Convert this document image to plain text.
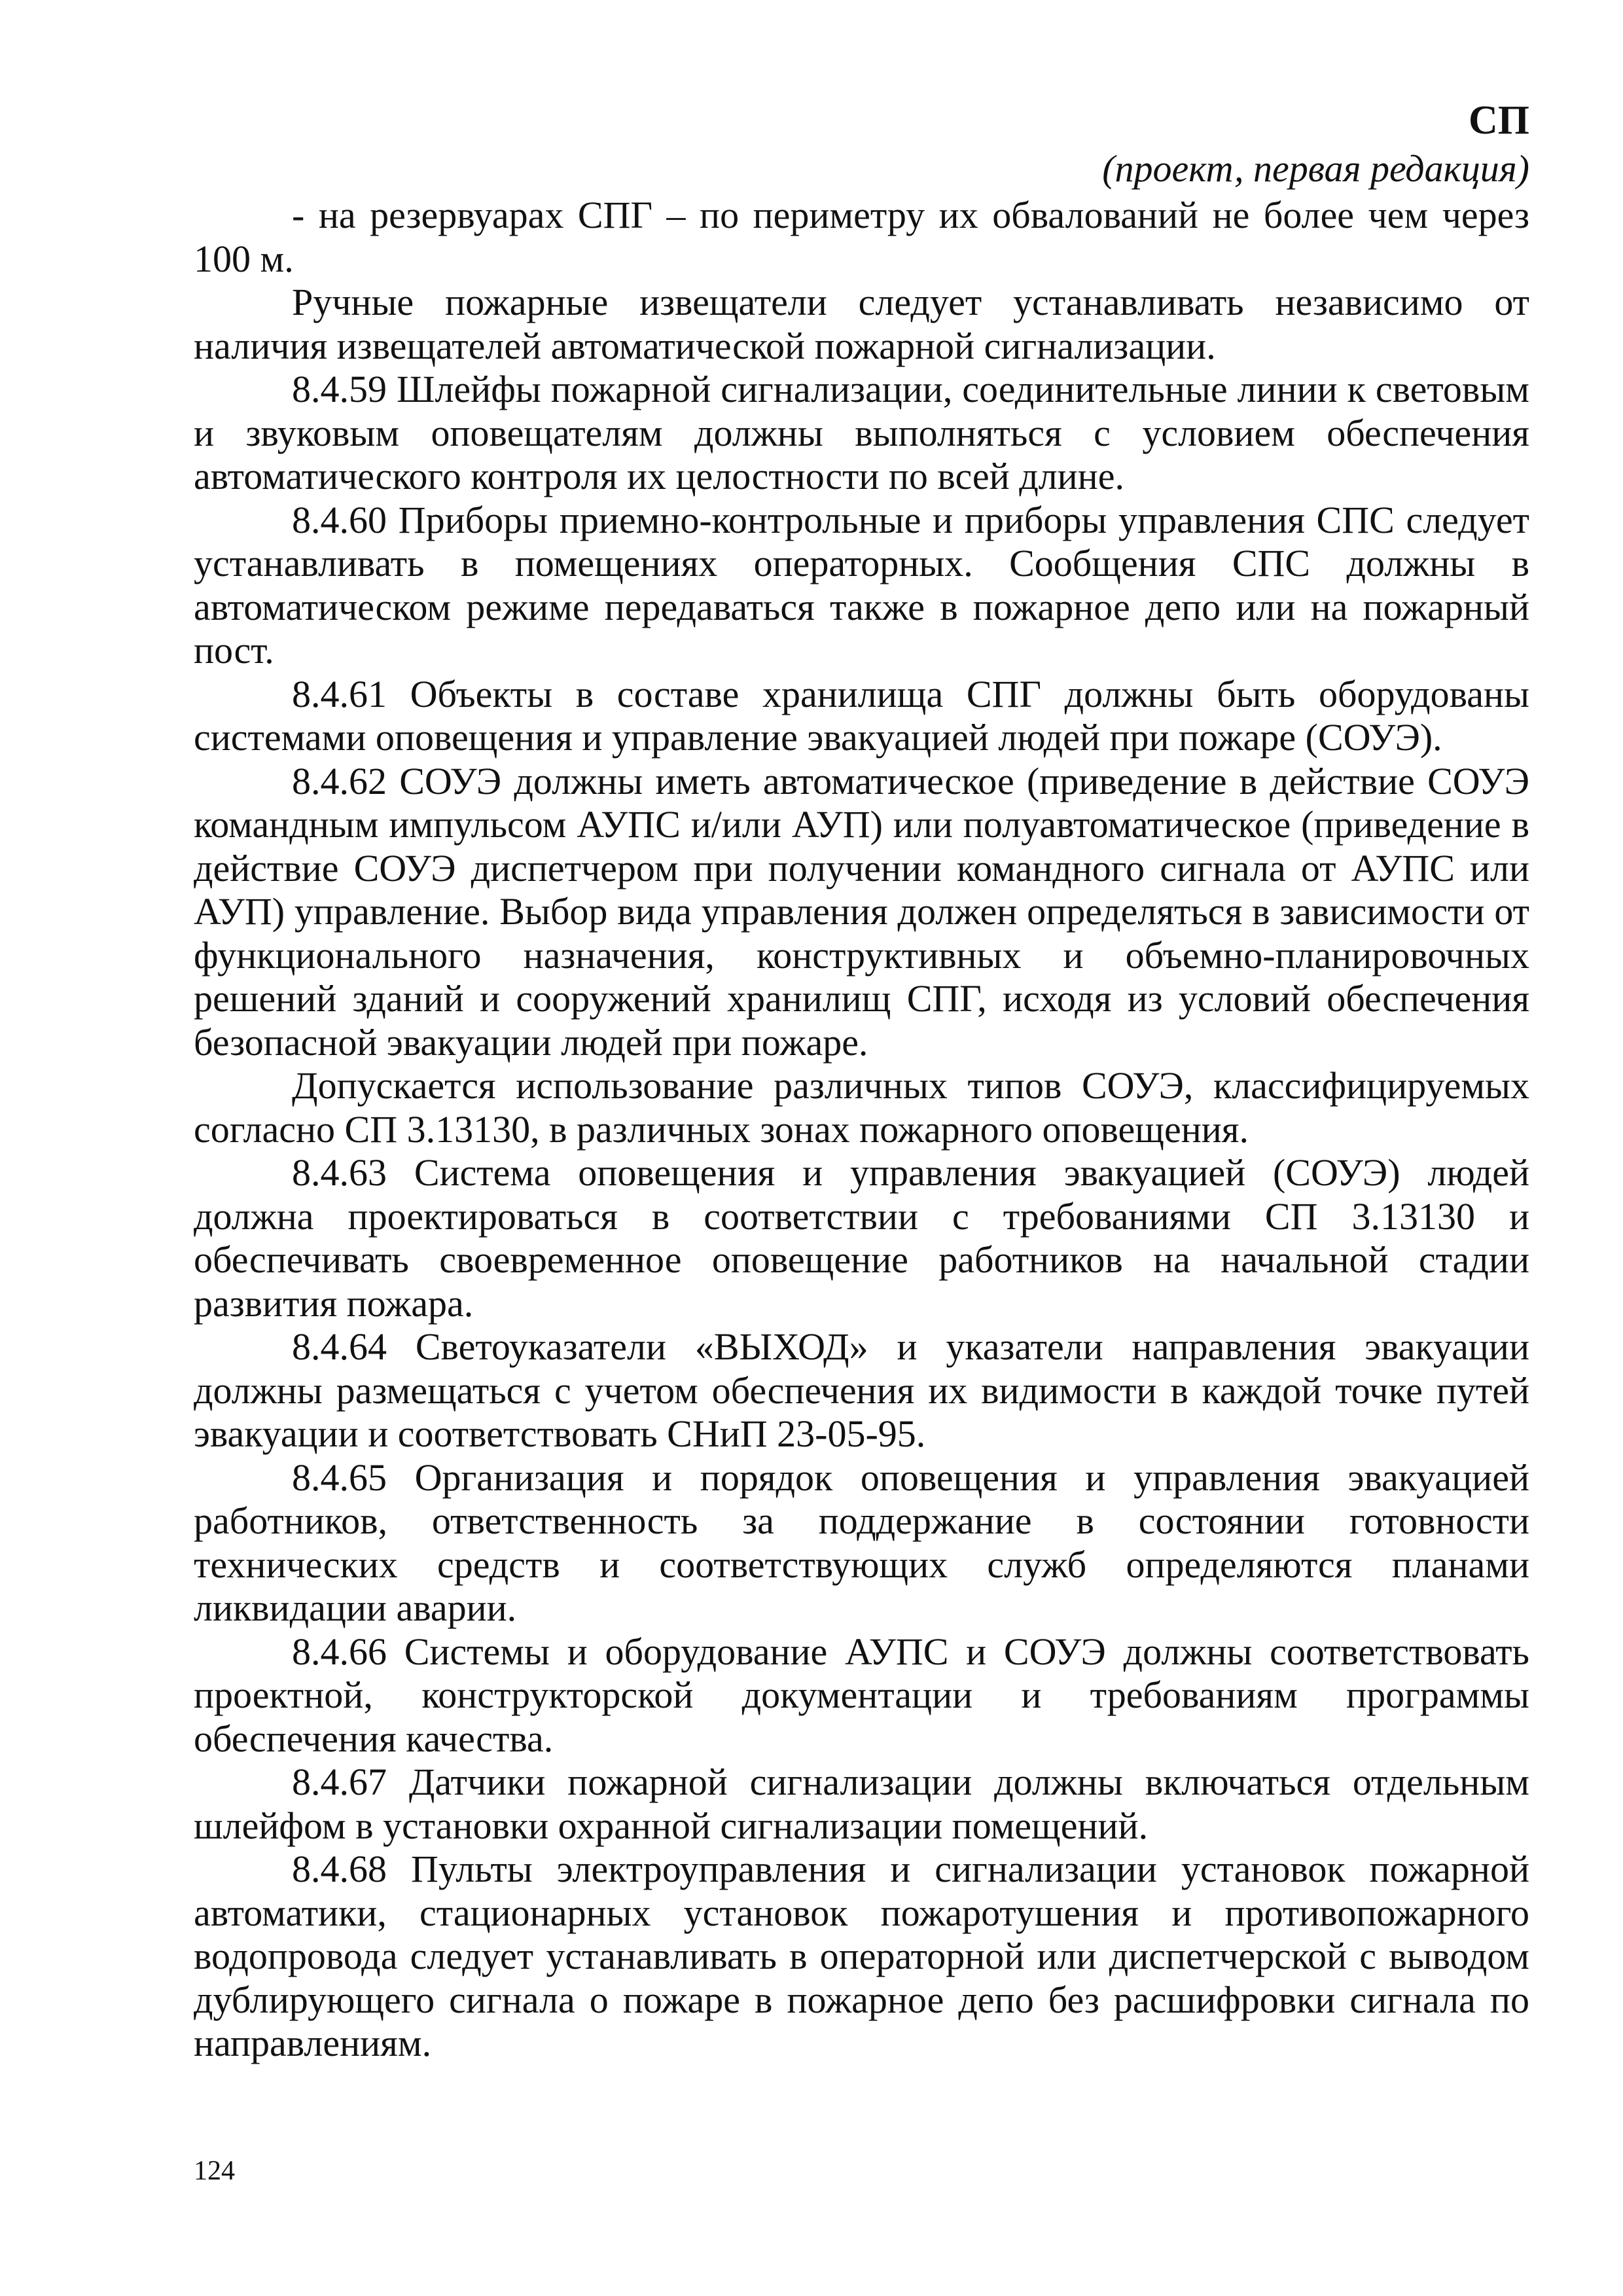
СП
(проект, первая редакция)

- на резервуарах СПГ – по периметру их обвалований не более чем через 100 м.

Ручные пожарные извещатели следует устанавливать независимо от наличия извещателей автоматической пожарной сигнализации.

8.4.59 Шлейфы пожарной сигнализации, соединительные линии к световым и звуковым оповещателям должны выполняться с условием обеспечения автоматического контроля их целостности по всей длине.

8.4.60 Приборы приемно-контрольные и приборы управления СПС следует устанавливать в помещениях операторных. Сообщения СПС должны в автоматическом режиме передаваться также в пожарное депо или на пожарный пост.

8.4.61 Объекты в составе хранилища СПГ должны быть оборудованы системами оповещения и управление эвакуацией людей при пожаре (СОУЭ).

8.4.62 СОУЭ должны иметь автоматическое (приведение в действие СОУЭ командным импульсом АУПС и/или АУП) или полуавтоматическое (приведение в действие СОУЭ диспетчером при получении командного сигнала от АУПС или АУП) управление. Выбор вида управления должен определяться в зависимости от функционального назначения, конструктивных и объемно-планировочных решений зданий и сооружений хранилищ СПГ, исходя из условий обеспечения безопасной эвакуации людей при пожаре.

Допускается использование различных типов СОУЭ, классифицируемых согласно СП 3.13130, в различных зонах пожарного оповещения.

8.4.63 Система оповещения и управления эвакуацией (СОУЭ) людей должна проектироваться в соответствии с требованиями СП 3.13130 и обеспечивать своевременное оповещение работников на начальной стадии развития пожара.

8.4.64 Светоуказатели «ВЫХОД» и указатели направления эвакуации должны размещаться с учетом обеспечения их видимости в каждой точке путей эвакуации и соответствовать СНиП 23-05-95.

8.4.65 Организация и порядок оповещения и управления эвакуацией работников, ответственность за поддержание в состоянии готовности технических средств и соответствующих служб определяются планами ликвидации аварии.

8.4.66 Системы и оборудование АУПС и СОУЭ должны соответствовать проектной, конструкторской документации и требованиям программы обеспечения качества.

8.4.67 Датчики пожарной сигнализации должны включаться отдельным шлейфом в установки охранной сигнализации помещений.

8.4.68 Пульты электроуправления и сигнализации установок пожарной автоматики, стационарных установок пожаротушения и противопожарного водопровода следует устанавливать в операторной или диспетчерской с выводом дублирующего сигнала о пожаре в пожарное депо без расшифровки сигнала по направлениям.

124
